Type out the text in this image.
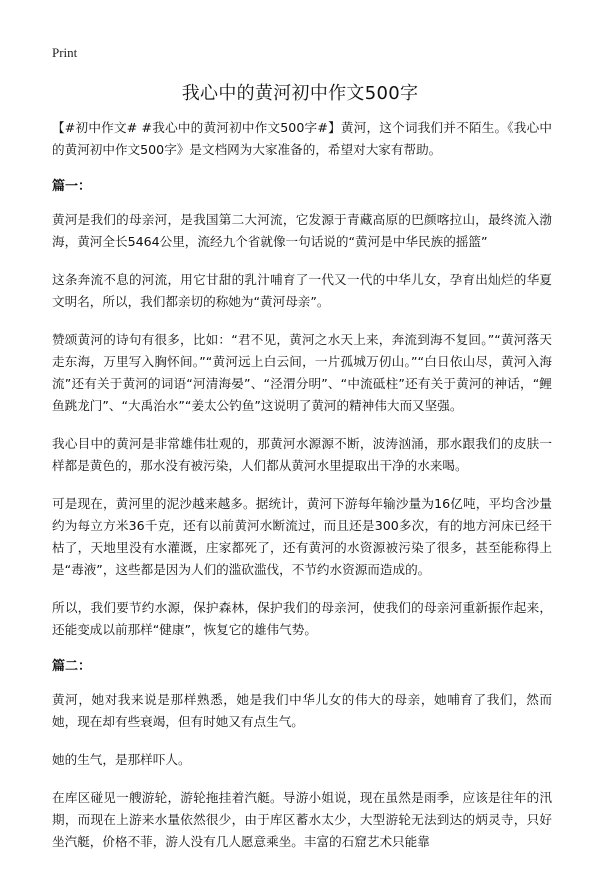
Print
我心中的黄河初中作文500字

【#初中作文# #我心中的黄河初中作文500字#】黄河，这个词我们并不陌生。《我心中的黄河初中作文500字》是文档网为大家准备的，希望对大家有帮助。

篇一：

黄河是我们的母亲河，是我国第二大河流，它发源于青藏高原的巴颜喀拉山，最终流入渤海，黄河全长5464公里，流经九个省就像一句话说的“黄河是中华民族的摇篮”

这条奔流不息的河流，用它甘甜的乳汁哺育了一代又一代的中华儿女，孕育出灿烂的华夏文明名，所以，我们都亲切的称她为“黄河母亲”。

赞颂黄河的诗句有很多，比如：“君不见，黄河之水天上来，奔流到海不复回。”“黄河落天走东海，万里写入胸怀间。”“黄河远上白云间，一片孤城万仞山。”“白日依山尽，黄河入海流”还有关于黄河的词语“河清海晏”、“泾渭分明”、“中流砥柱”还有关于黄河的神话，“鲤鱼跳龙门”、“大禹治水”“姜太公钓鱼”这说明了黄河的精神伟大而又坚强。

我心目中的黄河是非常雄伟壮观的，那黄河水源源不断，波涛汹涌，那水跟我们的皮肤一样都是黄色的，那水没有被污染，人们都从黄河水里提取出干净的水来喝。

可是现在，黄河里的泥沙越来越多。据统计，黄河下游每年输沙量为16亿吨，平均含沙量约为每立方米36千克，还有以前黄河水断流过，而且还是300多次，有的地方河床已经干枯了，天地里没有水灌溉，庄家都死了，还有黄河的水资源被污染了很多，甚至能称得上是“毒液”，这些都是因为人们的滥砍滥伐，不节约水资源而造成的。

所以，我们要节约水源，保护森林，保护我们的母亲河，使我们的母亲河重新振作起来，还能变成以前那样“健康”，恢复它的雄伟气势。

篇二：

黄河，她对我来说是那样熟悉，她是我们中华儿女的伟大的母亲，她哺育了我们，然而她，现在却有些衰竭，但有时她又有点生气。

她的生气，是那样吓人。

在库区碰见一艘游轮，游轮拖挂着汽艇。导游小姐说，现在虽然是雨季，应该是往年的汛期，而现在上游来水量依然很少，由于库区蓄水太少，大型游轮无法到达的炳灵寺，只好坐汽艇，价格不菲，游人没有几人愿意乘坐。丰富的石窟艺术只能靠
